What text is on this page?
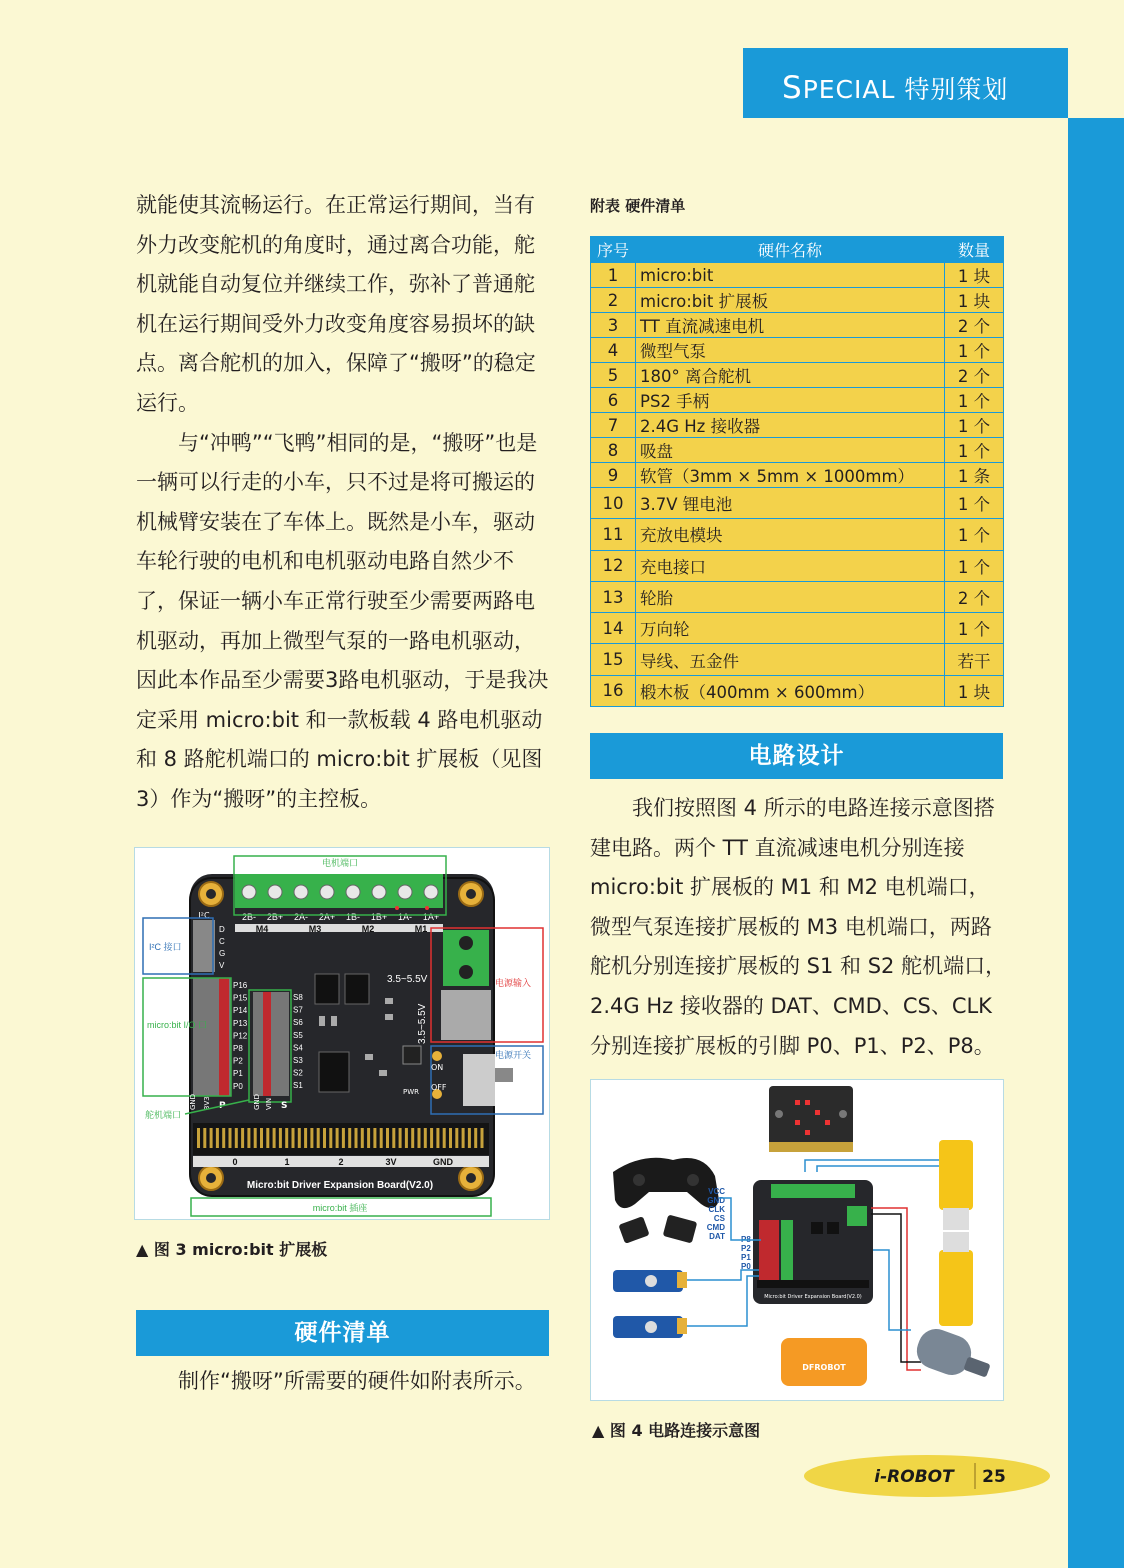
SPECIAL 特别策划

就能使其流畅运行。在正常运行期间，当有外力改变舵机的角度时，通过离合功能，舵机就能自动复位并继续工作，弥补了普通舵机在运行期间受外力改变角度容易损坏的缺点。离合舵机的加入，保障了“搬呀”的稳定运行。

与“冲鸭”“飞鸭”相同的是，“搬呀”也是一辆可以行走的小车，只不过是将可搬运的机械臂安装在了车体上。既然是小车，驱动车轮行驶的电机和电机驱动电路自然少不了，保证一辆小车正常行驶至少需要两路电机驱动，再加上微型气泵的一路电机驱动，因此本作品至少需要3路电机驱动，于是我决定采用 micro:bit 和一款板载 4 路电机驱动和 8 路舵机端口的 micro:bit 扩展板（见图 3）作为“搬呀”的主控板。

2B- 2B+ 2A- 2A+ 1B- 1B+ 1A- 1A+
M4	M3	M2	M1
电机端口
I²C
D
C
G
V
I²C 接口
P16
P15
P14
P13
P12
P8
P2
P1
P0
micro:bit I/O 口
GND 3V3
S8
S7
S6
S5
S4
S3
S2
S1
GND VIN S
舵机端口
3.5~5.5V
3.5~5.5V
电源输入
ON
OFF
PWR
电源开关
0	1	2	3V	GND
Micro:bit Driver Expansion Board(V2.0)
micro:bit 插座
▲ 图 3 micro:bit 扩展板
硬件清单

制作“搬呀”所需要的硬件如附表所示。

附表 硬件清单
序号	硬件名称	数量
1	micro:bit	1 块
2	micro:bit 扩展板	1 块
3	TT 直流减速电机	2 个
4	微型气泵	1 个
5	180° 离合舵机	2 个
6	PS2 手柄	1 个
7	2.4G Hz 接收器	1 个
8	吸盘	1 个
9	软管（3mm × 5mm × 1000mm）	1 条
10	3.7V 锂电池	1 个
11	充放电模块	1 个
12	充电接口	1 个
13	轮胎	2 个
14	万向轮	1 个
15	导线、五金件	若干
16	椴木板（400mm × 600mm）	1 块
电路设计

我们按照图 4 所示的电路连接示意图搭建电路。两个 TT 直流减速电机分别连接 micro:bit 扩展板的 M1 和 M2 电机端口，微型气泵连接扩展板的 M3 电机端口，两路舵机分别连接扩展板的 S1 和 S2 舵机端口，2.4G Hz 接收器的 DAT、CMD、CS、CLK 分别连接扩展板的引脚 P0、P1、P2、P8。

Micro:bit Driver Expansion Board(V2.0)
VCC
GND
CLK
CS
CMD
DAT P8
P2
P1
P0
DFROBOT
▲ 图 4 电路连接示意图
i-ROBOT 25
